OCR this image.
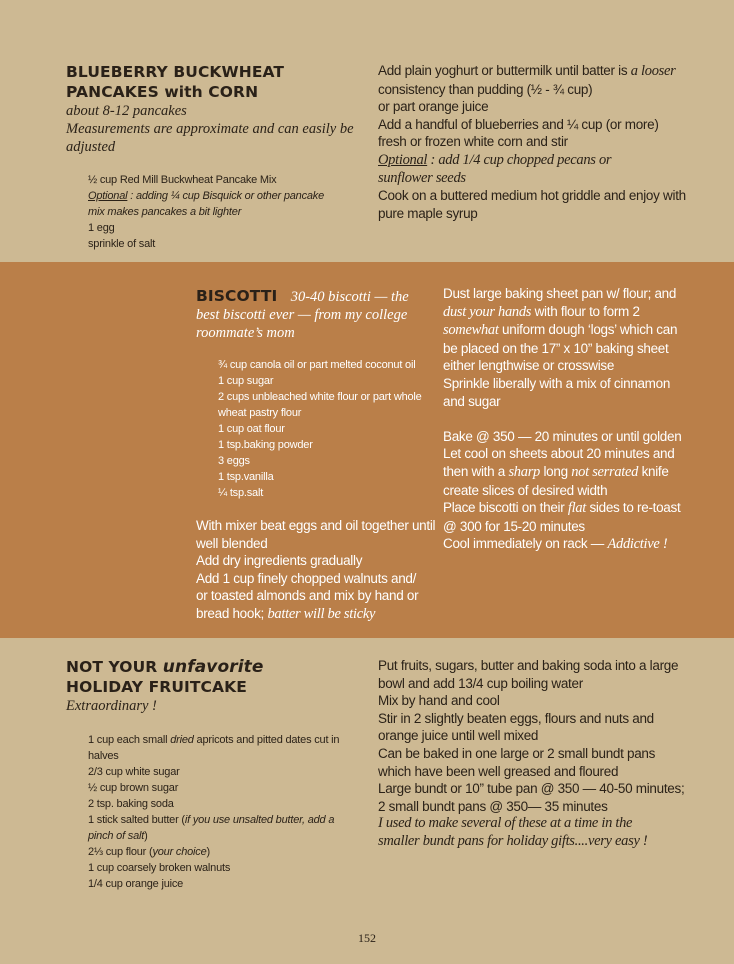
BLUEBERRY BUCKWHEAT
PANCAKES with CORN
about 8-12 pancakes
Measurements are approximate and can easily be adjusted
½ cup Red Mill Buckwheat Pancake Mix
Optional : adding ¼ cup Bisquick or other pancake mix makes pancakes a bit lighter
1 egg
sprinkle of salt
Add plain yoghurt or buttermilk until batter is a looser
consistency than pudding (½ - ¾ cup)
or part orange juice
Add a handful of blueberries and ¼ cup (or more)
fresh or frozen white corn and stir
Optional : add 1/4 cup chopped pecans or
sunflower seeds
Cook on a buttered medium hot griddle and enjoy with
pure maple syrup
BISCOTTI 30-40 biscotti — the
best biscotti ever — from my college
roommate’s mom
¾ cup canola oil or part melted coconut oil
1 cup sugar
2 cups unbleached white flour or part whole
wheat pastry flour
1 cup oat flour
1 tsp.baking powder
3 eggs
1 tsp.vanilla
¼ tsp.salt
With mixer beat eggs and oil together until
well blended
Add dry ingredients gradually
Add 1 cup finely chopped walnuts and/
or toasted almonds and mix by hand or
bread hook; batter will be sticky
Dust large baking sheet pan w/ flour; and
dust your hands with flour to form 2
somewhat uniform dough ‘logs’ which can
be placed on the 17” x 10” baking sheet
either lengthwise or crosswise
Sprinkle liberally with a mix of cinnamon
and sugar
Bake @ 350 — 20 minutes or until golden
Let cool on sheets about 20 minutes and
then with a sharp long not serrated knife
create slices of desired width
Place biscotti on their flat sides to re-toast
@ 300 for 15-20 minutes
Cool immediately on rack — Addictive !
NOT YOUR unfavorite
HOLIDAY FRUITCAKE
Extraordinary !
1 cup each small dried apricots and pitted dates cut in halves
2/3 cup white sugar
½ cup brown sugar
2 tsp. baking soda
1 stick salted butter (if you use unsalted butter, add a pinch of salt)
2⅓ cup flour (your choice)
1 cup coarsely broken walnuts
1/4 cup orange juice
Put fruits, sugars, butter and baking soda into a large
bowl and add 13/4 cup boiling water
Mix by hand and cool
Stir in 2 slightly beaten eggs, flours and nuts and
orange juice until well mixed
Can be baked in one large or 2 small bundt pans
which have been well greased and floured
Large bundt or 10” tube pan @ 350 — 40-50 minutes;
2 small bundt pans @ 350— 35 minutes
I used to make several of these at a time in the
smaller bundt pans for holiday gifts....very easy !
152
